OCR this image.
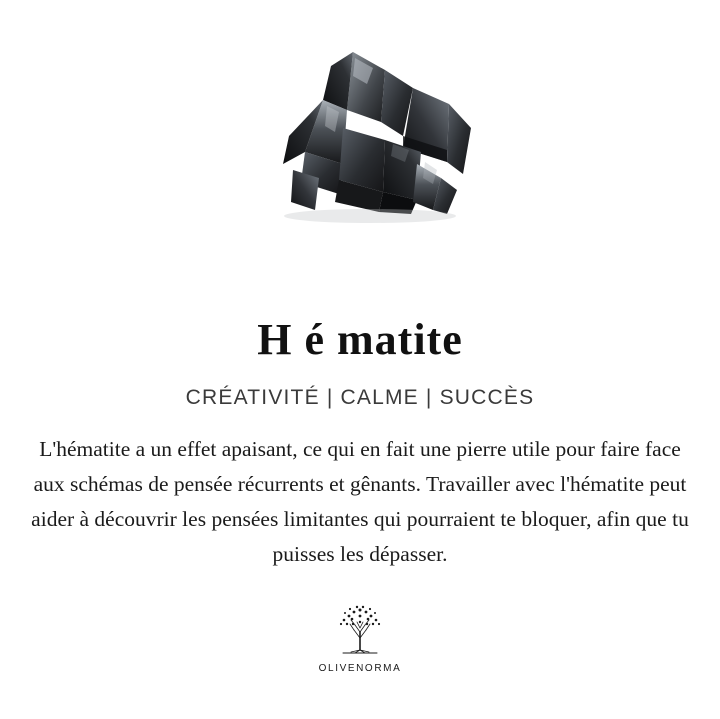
H é matite
CRÉATIVITÉ | CALME | SUCCÈS
L'hématite a un effet apaisant, ce qui en fait une pierre utile pour faire face aux schémas de pensée récurrents et gênants. Travailler avec l'hématite peut aider à découvrir les pensées limitantes qui pourraient te bloquer, afin que tu puisses les dépasser.
OLIVENORMA
